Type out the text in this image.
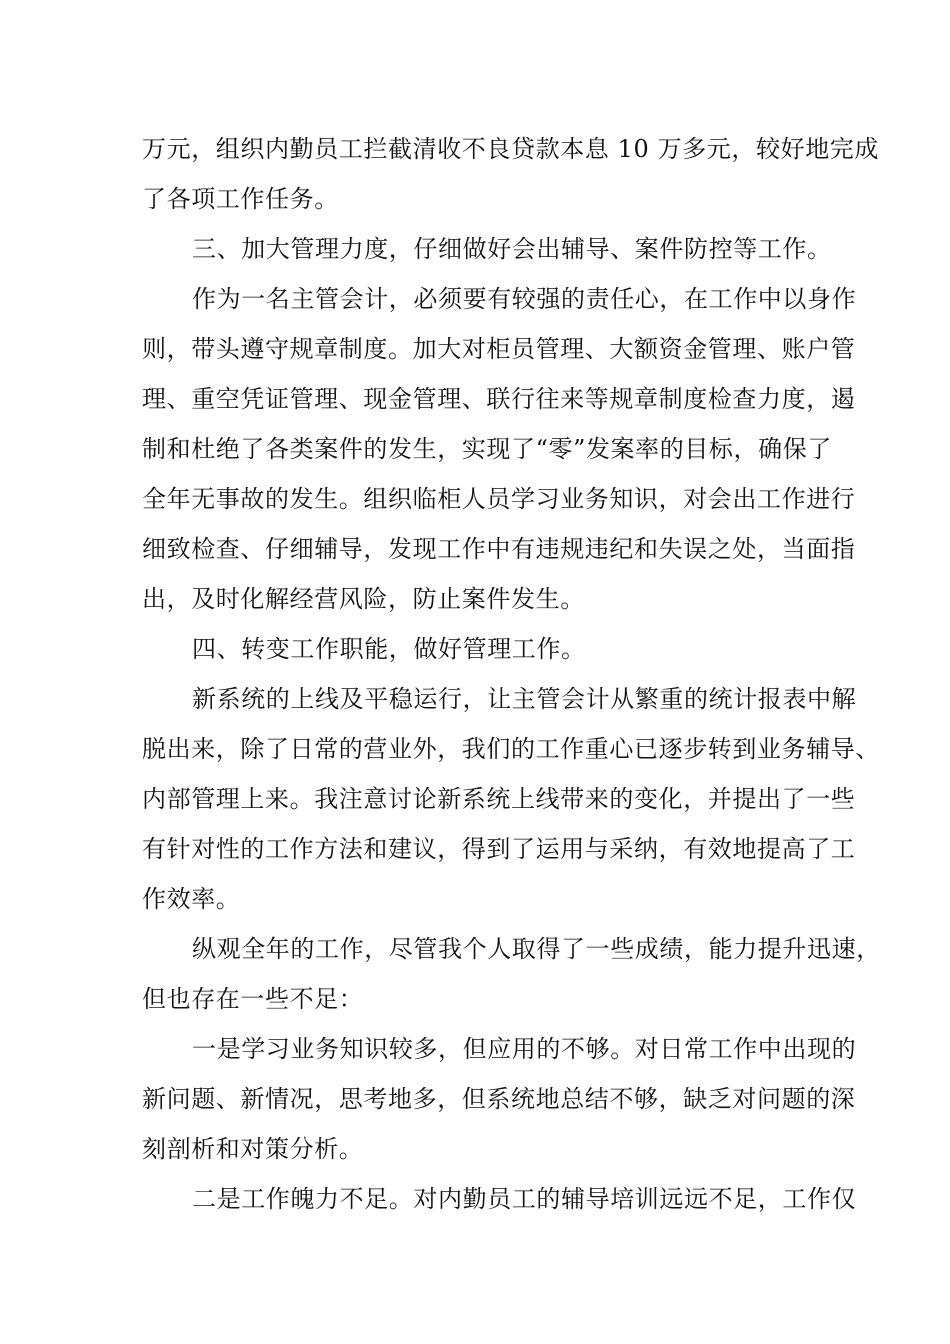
万元，组织内勤员工拦截清收不良贷款本息 10 万多元，较好地完成

了各项工作任务。

三、加大管理力度，仔细做好会出辅导、案件防控等工作。

作为一名主管会计，必须要有较强的责任心，在工作中以身作

则，带头遵守规章制度。加大对柜员管理、大额资金管理、账户管

理、重空凭证管理、现金管理、联行往来等规章制度检查力度，遏

制和杜绝了各类案件的发生，实现了“零”发案率的目标，确保了

全年无事故的发生。组织临柜人员学习业务知识，对会出工作进行

细致检查、仔细辅导，发现工作中有违规违纪和失误之处，当面指

出，及时化解经营风险，防止案件发生。

四、转变工作职能，做好管理工作。

新系统的上线及平稳运行，让主管会计从繁重的统计报表中解

脱出来，除了日常的营业外，我们的工作重心已逐步转到业务辅导、

内部管理上来。我注意讨论新系统上线带来的变化，并提出了一些

有针对性的工作方法和建议，得到了运用与采纳，有效地提高了工

作效率。

纵观全年的工作，尽管我个人取得了一些成绩，能力提升迅速，

但也存在一些不足：

一是学习业务知识较多，但应用的不够。对日常工作中出现的

新问题、新情况，思考地多，但系统地总结不够，缺乏对问题的深

刻剖析和对策分析。

二是工作魄力不足。对内勤员工的辅导培训远远不足，工作仅
